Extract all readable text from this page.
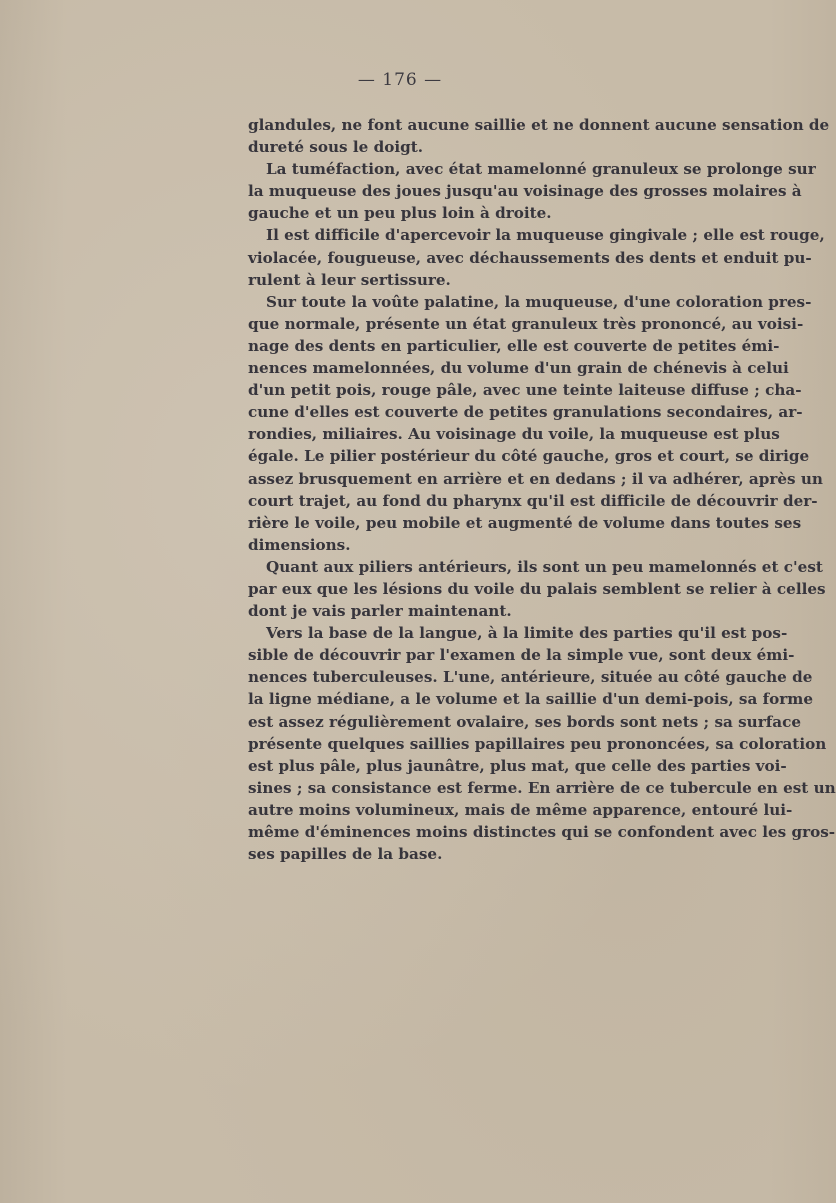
— 176 —
glandules, ne font aucune saillie et ne donnent aucune sensation de
dureté sous le doigt.
La tuméfaction, avec état mamelonné granuleux se prolonge sur
la muqueuse des joues jusqu'au voisinage des grosses molaires à
gauche et un peu plus loin à droite.
Il est difficile d'apercevoir la muqueuse gingivale ; elle est rouge,
violacée, fougueuse, avec déchaussements des dents et enduit pu-
rulent à leur sertissure.
Sur toute la voûte palatine, la muqueuse, d'une coloration pres-
que normale, présente un état granuleux très prononcé, au voisi-
nage des dents en particulier, elle est couverte de petites émi-
nences mamelonnées, du volume d'un grain de chénevis à celui
d'un petit pois, rouge pâle, avec une teinte laiteuse diffuse ; cha-
cune d'elles est couverte de petites granulations secondaires, ar-
rondies, miliaires. Au voisinage du voile, la muqueuse est plus
égale. Le pilier postérieur du côté gauche, gros et court, se dirige
assez brusquement en arrière et en dedans ; il va adhérer, après un
court trajet, au fond du pharynx qu'il est difficile de découvrir der-
rière le voile, peu mobile et augmenté de volume dans toutes ses
dimensions.
Quant aux piliers antérieurs, ils sont un peu mamelonnés et c'est
par eux que les lésions du voile du palais semblent se relier à celles
dont je vais parler maintenant.
Vers la base de la langue, à la limite des parties qu'il est pos-
sible de découvrir par l'examen de la simple vue, sont deux émi-
nences tuberculeuses. L'une, antérieure, située au côté gauche de
la ligne médiane, a le volume et la saillie d'un demi-pois, sa forme
est assez régulièrement ovalaire, ses bords sont nets ; sa surface
présente quelques saillies papillaires peu prononcées, sa coloration
est plus pâle, plus jaunâtre, plus mat, que celle des parties voi-
sines ; sa consistance est ferme. En arrière de ce tubercule en est un
autre moins volumineux, mais de même apparence, entouré lui-
même d'éminences moins distinctes qui se confondent avec les gros-
ses papilles de la base.
